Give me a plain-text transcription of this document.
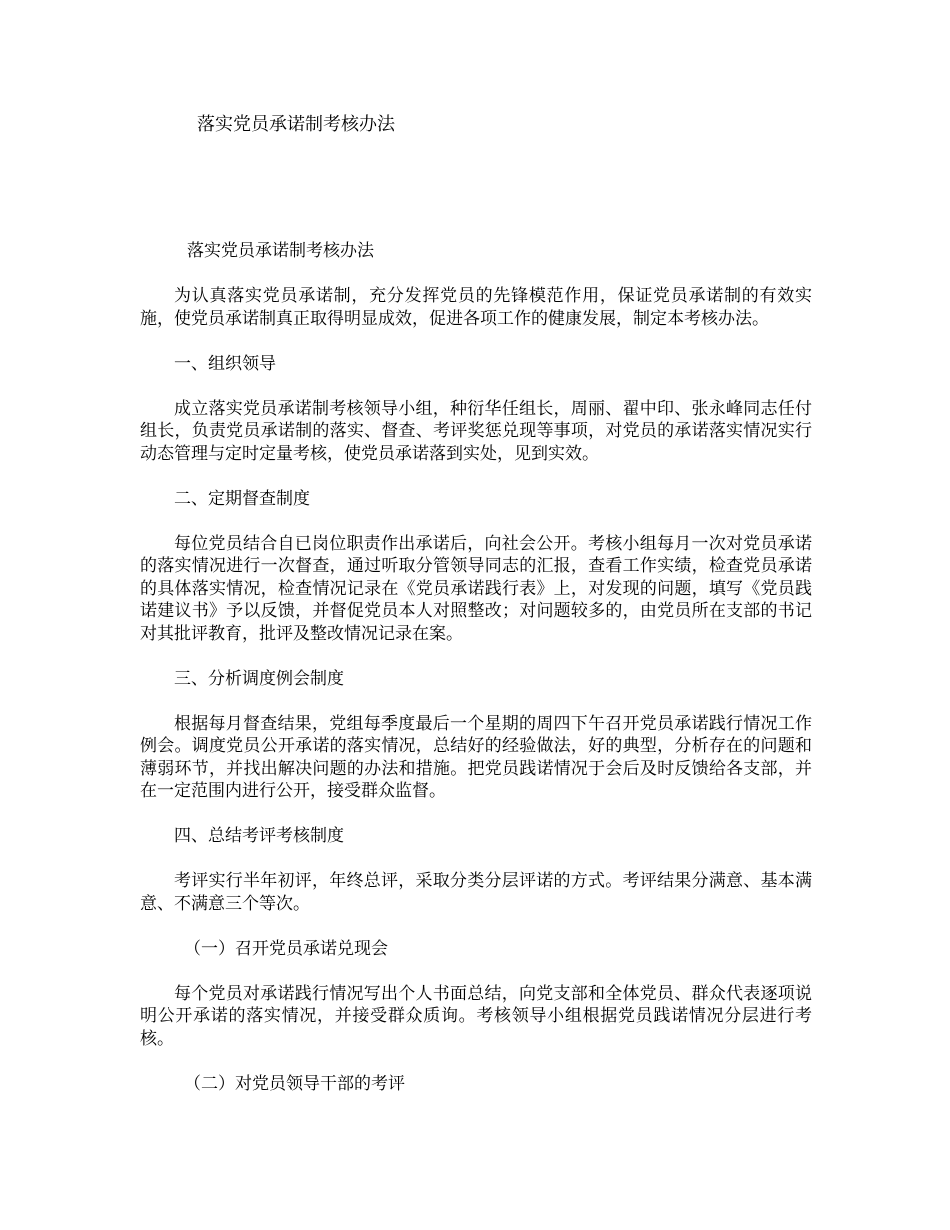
落实党员承诺制考核办法

落实党员承诺制考核办法

为认真落实党员承诺制，充分发挥党员的先锋模范作用，保证党员承诺制的有效实施，使党员承诺制真正取得明显成效，促进各项工作的健康发展，制定本考核办法。

一、组织领导

成立落实党员承诺制考核领导小组，种衍华任组长，周丽、翟中印、张永峰同志任付组长，负责党员承诺制的落实、督查、考评奖惩兑现等事项，对党员的承诺落实情况实行动态管理与定时定量考核，使党员承诺落到实处，见到实效。

二、定期督查制度

每位党员结合自已岗位职责作出承诺后，向社会公开。考核小组每月一次对党员承诺的落实情况进行一次督查，通过听取分管领导同志的汇报，查看工作实绩，检查党员承诺的具体落实情况，检查情况记录在《党员承诺践行表》上，对发现的问题，填写《党员践诺建议书》予以反馈，并督促党员本人对照整改；对问题较多的，由党员所在支部的书记对其批评教育，批评及整改情况记录在案。

三、分析调度例会制度

根据每月督查结果，党组每季度最后一个星期的周四下午召开党员承诺践行情况工作例会。调度党员公开承诺的落实情况，总结好的经验做法，好的典型，分析存在的问题和薄弱环节，并找出解决问题的办法和措施。把党员践诺情况于会后及时反馈给各支部，并在一定范围内进行公开，接受群众监督。

四、总结考评考核制度

考评实行半年初评，年终总评，采取分类分层评诺的方式。考评结果分满意、基本满意、不满意三个等次。

（一）召开党员承诺兑现会

每个党员对承诺践行情况写出个人书面总结，向党支部和全体党员、群众代表逐项说明公开承诺的落实情况，并接受群众质询。考核领导小组根据党员践诺情况分层进行考核。

（二）对党员领导干部的考评
